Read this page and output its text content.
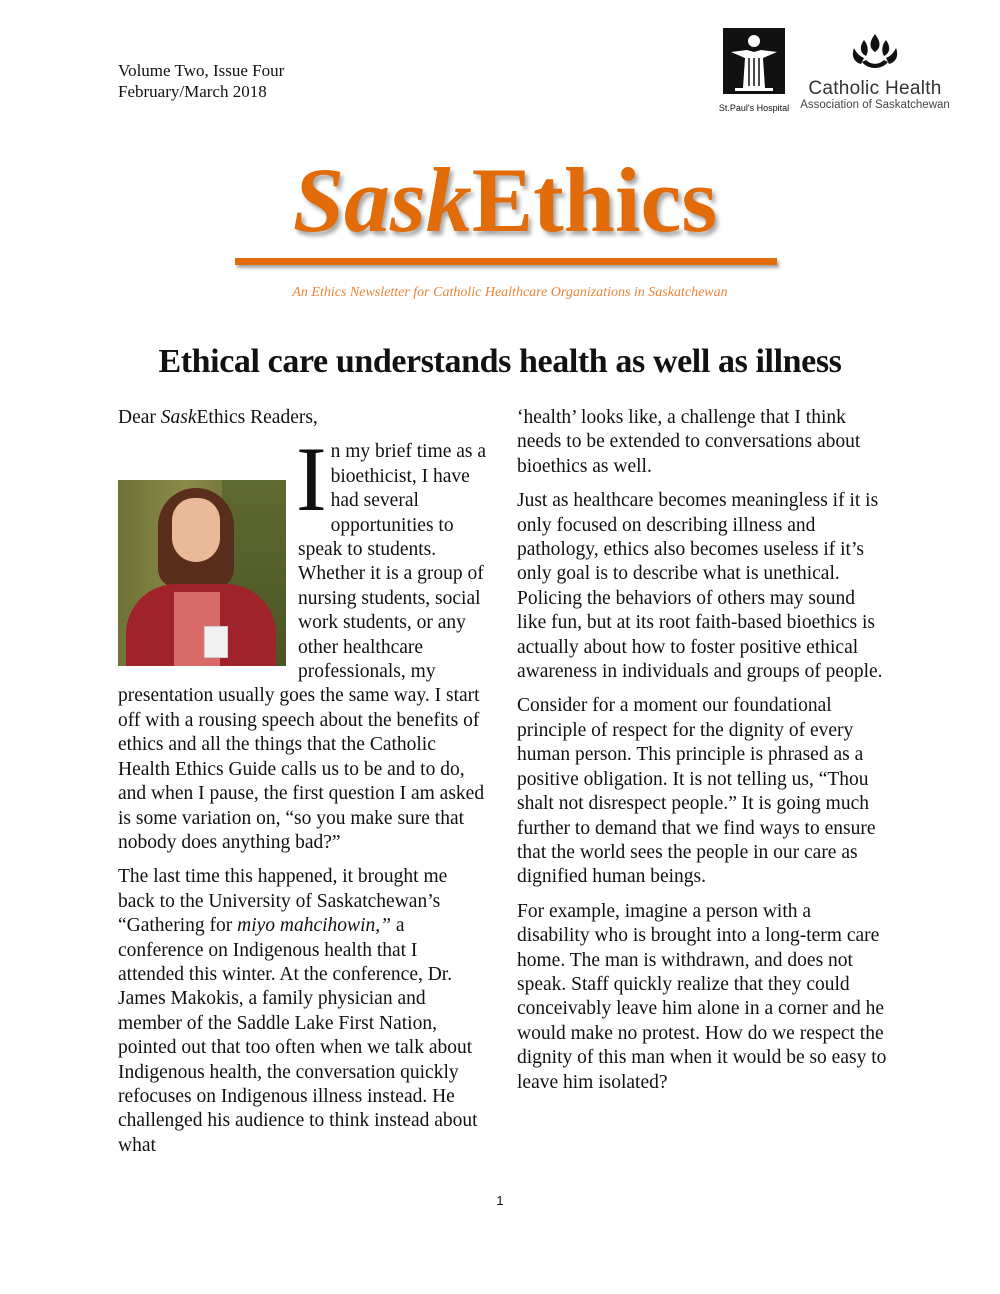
Volume Two, Issue Four
February/March 2018
St.Paul's Hospital
Catholic Health
Association of Saskatchewan
SaskEthics
An Ethics Newsletter for Catholic Healthcare Organizations in Saskatchewan
Ethical care understands health as well as illness

Dear SaskEthics Readers,

In my brief time as a bioethicist, I have had several opportunities to speak to students. Whether it is a group of nursing students, social work students, or any other healthcare professionals, my presentation usually goes the same way. I start off with a rousing speech about the benefits of ethics and all the things that the Catholic Health Ethics Guide calls us to be and to do, and when I pause, the first question I am asked is some variation on, “so you make sure that nobody does anything bad?”

The last time this happened, it brought me back to the University of Saskatchewan’s “Gathering for miyo mahcihowin,” a conference on Indigenous health that I attended this winter. At the conference, Dr. James Makokis, a family physician and member of the Saddle Lake First Nation, pointed out that too often when we talk about Indigenous health, the conversation quickly refocuses on Indigenous illness instead. He challenged his audience to think instead about what

‘health’ looks like, a challenge that I think needs to be extended to conversations about bioethics as well.

Just as healthcare becomes meaningless if it is only focused on describing illness and pathology, ethics also becomes useless if it’s only goal is to describe what is unethical. Policing the behaviors of others may sound like fun, but at its root faith-based bioethics is actually about how to foster positive ethical awareness in individuals and groups of people.

Consider for a moment our foundational principle of respect for the dignity of every human person. This principle is phrased as a positive obligation. It is not telling us, “Thou shalt not disrespect people.” It is going much further to demand that we find ways to ensure that the world sees the people in our care as dignified human beings.

For example, imagine a person with a disability who is brought into a long-term care home. The man is withdrawn, and does not speak. Staff quickly realize that they could conceivably leave him alone in a corner and he would make no protest. How do we respect the dignity of this man when it would be so easy to leave him isolated?

1
